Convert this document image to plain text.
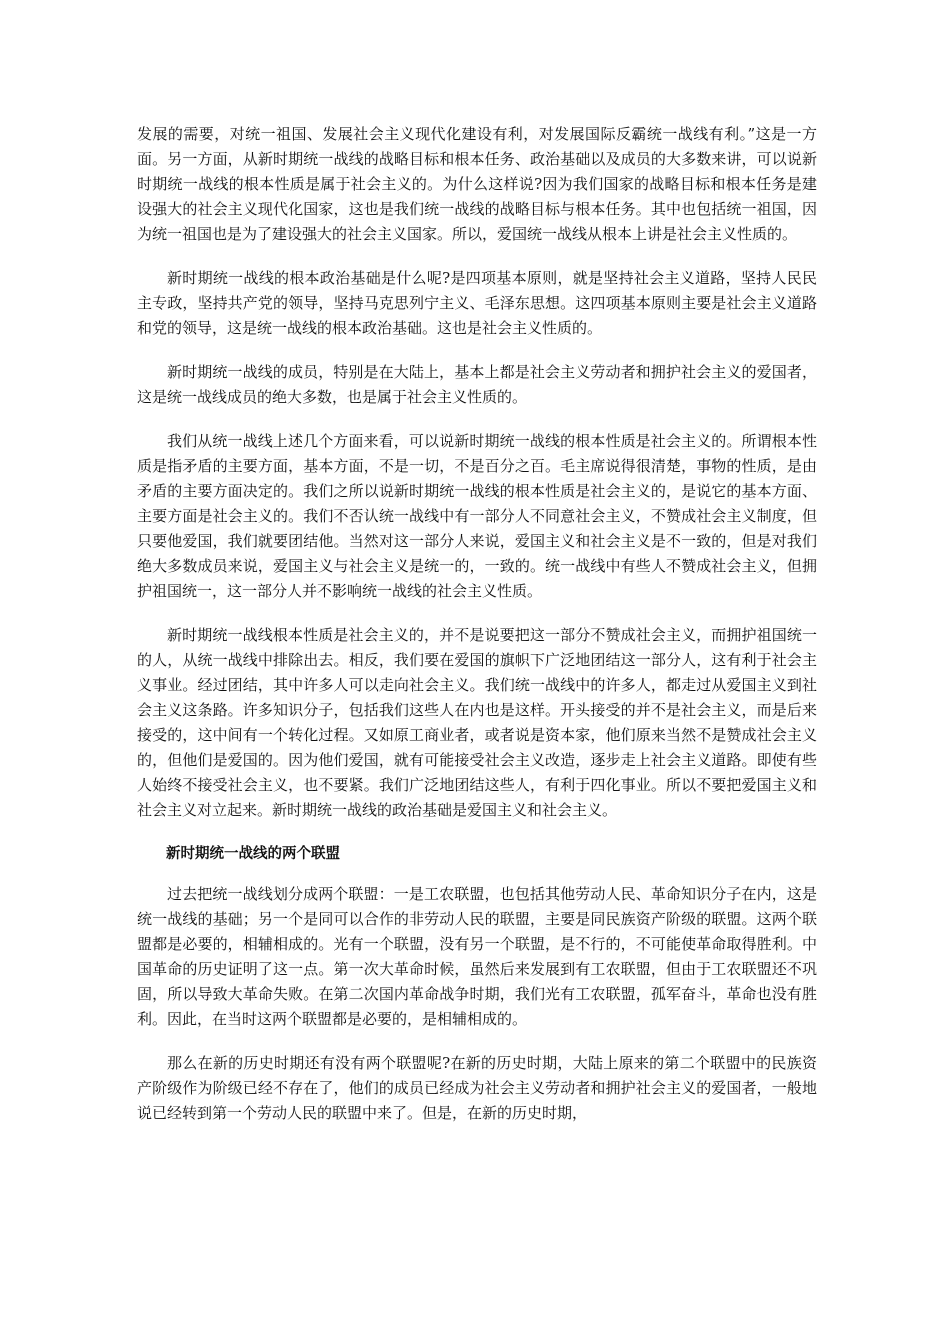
发展的需要，对统一祖国、发展社会主义现代化建设有利，对发展国际反霸统一战线有利。”这是一方面。另一方面，从新时期统一战线的战略目标和根本任务、政治基础以及成员的大多数来讲，可以说新时期统一战线的根本性质是属于社会主义的。为什么这样说?因为我们国家的战略目标和根本任务是建设强大的社会主义现代化国家，这也是我们统一战线的战略目标与根本任务。其中也包括统一祖国，因为统一祖国也是为了建设强大的社会主义国家。所以，爱国统一战线从根本上讲是社会主义性质的。

新时期统一战线的根本政治基础是什么呢?是四项基本原则，就是坚持社会主义道路，坚持人民民主专政，坚持共产党的领导，坚持马克思列宁主义、毛泽东思想。这四项基本原则主要是社会主义道路和党的领导，这是统一战线的根本政治基础。这也是社会主义性质的。

新时期统一战线的成员，特别是在大陆上，基本上都是社会主义劳动者和拥护社会主义的爱国者，这是统一战线成员的绝大多数，也是属于社会主义性质的。

我们从统一战线上述几个方面来看，可以说新时期统一战线的根本性质是社会主义的。所谓根本性质是指矛盾的主要方面，基本方面，不是一切，不是百分之百。毛主席说得很清楚，事物的性质，是由矛盾的主要方面决定的。我们之所以说新时期统一战线的根本性质是社会主义的，是说它的基本方面、主要方面是社会主义的。我们不否认统一战线中有一部分人不同意社会主义，不赞成社会主义制度，但只要他爱国，我们就要团结他。当然对这一部分人来说，爱国主义和社会主义是不一致的，但是对我们绝大多数成员来说，爱国主义与社会主义是统一的，一致的。统一战线中有些人不赞成社会主义，但拥护祖国统一，这一部分人并不影响统一战线的社会主义性质。

新时期统一战线根本性质是社会主义的，并不是说要把这一部分不赞成社会主义，而拥护祖国统一的人，从统一战线中排除出去。相反，我们要在爱国的旗帜下广泛地团结这一部分人，这有利于社会主义事业。经过团结，其中许多人可以走向社会主义。我们统一战线中的许多人，都走过从爱国主义到社会主义这条路。许多知识分子，包括我们这些人在内也是这样。开头接受的并不是社会主义，而是后来接受的，这中间有一个转化过程。又如原工商业者，或者说是资本家，他们原来当然不是赞成社会主义的，但他们是爱国的。因为他们爱国，就有可能接受社会主义改造，逐步走上社会主义道路。即使有些人始终不接受社会主义，也不要紧。我们广泛地团结这些人，有利于四化事业。所以不要把爱国主义和社会主义对立起来。新时期统一战线的政治基础是爱国主义和社会主义。

新时期统一战线的两个联盟

过去把统一战线划分成两个联盟：一是工农联盟，也包括其他劳动人民、革命知识分子在内，这是统一战线的基础；另一个是同可以合作的非劳动人民的联盟，主要是同民族资产阶级的联盟。这两个联盟都是必要的，相辅相成的。光有一个联盟，没有另一个联盟，是不行的，不可能使革命取得胜利。中国革命的历史证明了这一点。第一次大革命时候，虽然后来发展到有工农联盟，但由于工农联盟还不巩固，所以导致大革命失败。在第二次国内革命战争时期，我们光有工农联盟，孤军奋斗，革命也没有胜利。因此，在当时这两个联盟都是必要的，是相辅相成的。

那么在新的历史时期还有没有两个联盟呢?在新的历史时期，大陆上原来的第二个联盟中的民族资产阶级作为阶级已经不存在了，他们的成员已经成为社会主义劳动者和拥护社会主义的爱国者，一般地说已经转到第一个劳动人民的联盟中来了。但是，在新的历史时期，
